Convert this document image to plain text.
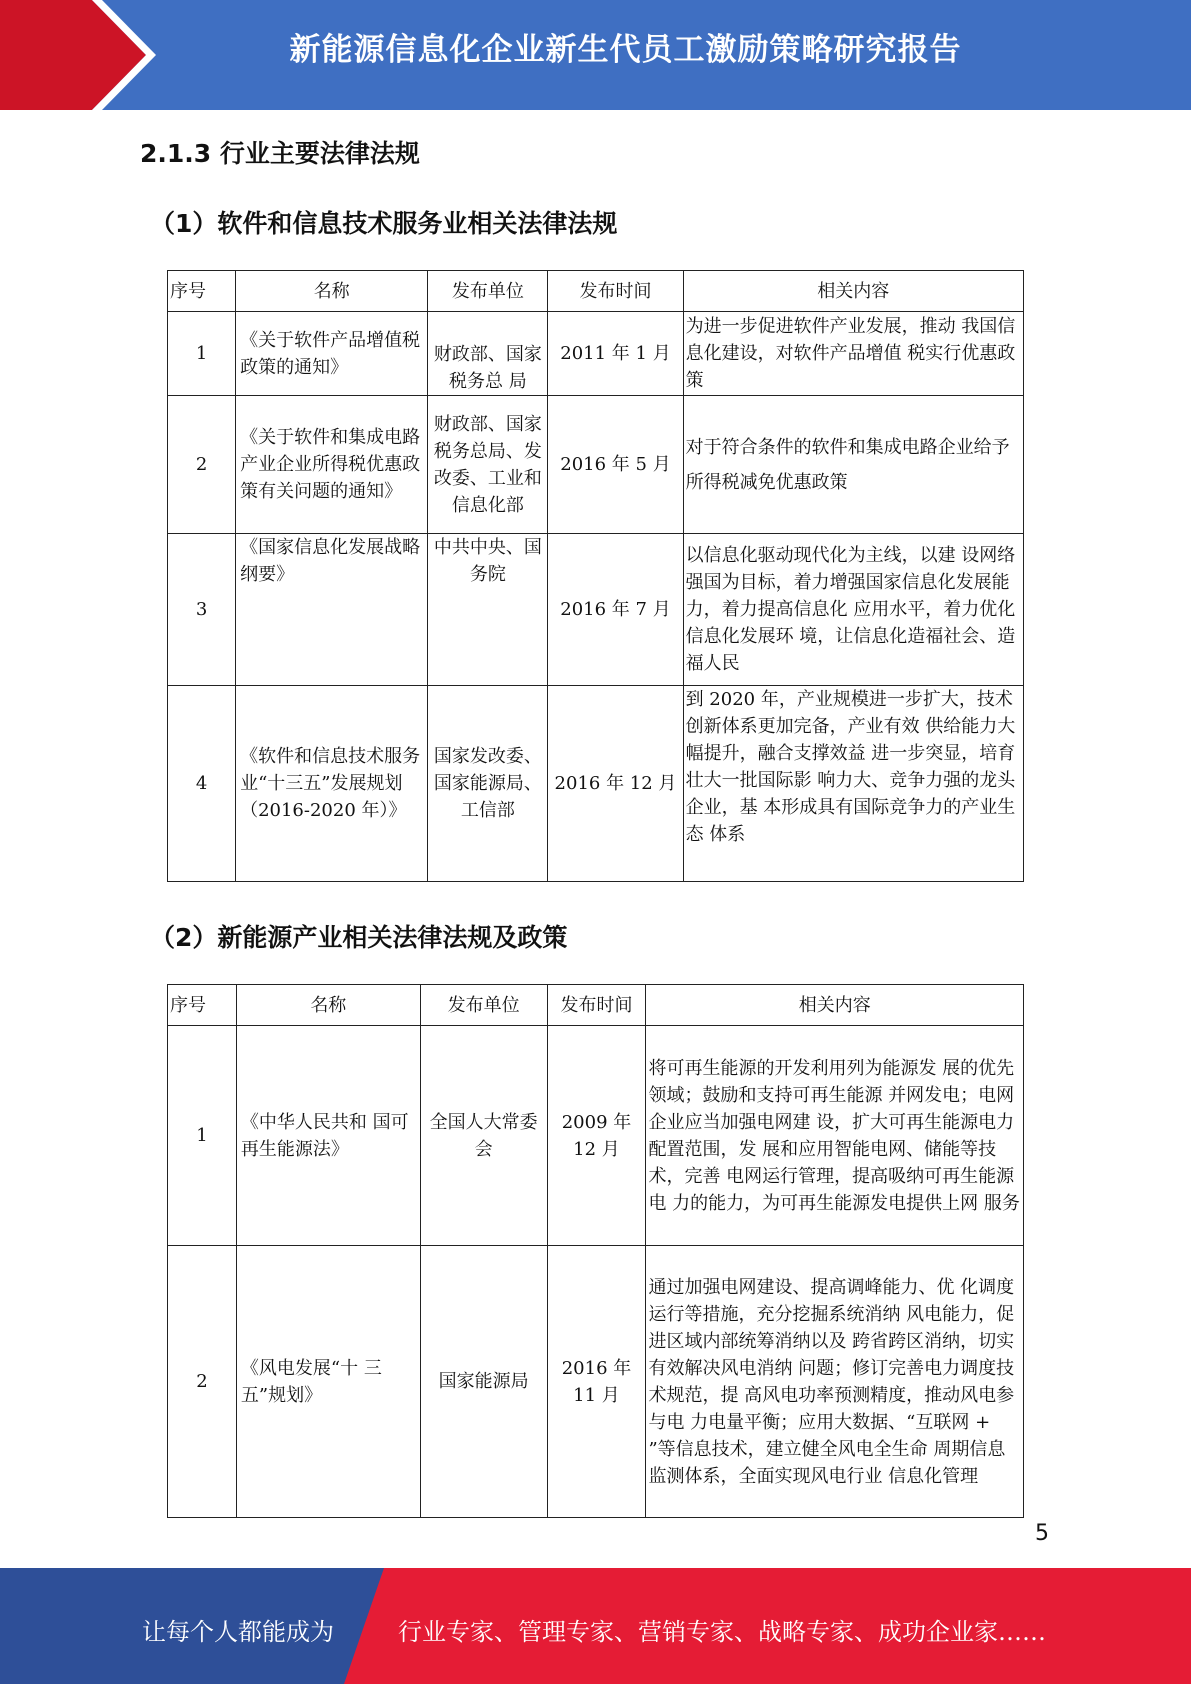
新能源信息化企业新生代员工激励策略研究报告
2.1.3 行业主要法律法规
（1）软件和信息技术服务业相关法律法规
序号	名称	发布单位	发布时间	相关内容
1	《关于软件产品增值税政策的通知》	财政部、国家税务总 局	2011 年 1 月	为进一步促进软件产业发展，推动 我国信息化建设，对软件产品增值 税实行优惠政策
2	《关于软件和集成电路产业企业所得税优惠政策有关问题的通知》	财政部、国家税务总局、发改委、工业和信息化部	2016 年 5 月	对于符合条件的软件和集成电路企业给予所得税减免优惠政策
3	《国家信息化发展战略纲要》	中共中央、国务院	2016 年 7 月	以信息化驱动现代化为主线，以建 设网络强国为目标，着力增强国家信息化发展能力，着力提高信息化 应用水平，着力优化信息化发展环 境，让信息化造福社会、造福人民
4	《软件和信息技术服务业“十三五”发展规划（2016-2020 年）》	国家发改委、国家能源局、工信部	2016 年 12 月	到 2020 年，产业规模进一步扩大，技术创新体系更加完备，产业有效 供给能力大幅提升，融合支撑效益 进一步突显，培育壮大一批国际影 响力大、竞争力强的龙头企业，基 本形成具有国际竞争力的产业生态 体系
（2）新能源产业相关法律法规及政策
序号	名称	发布单位	发布时间	相关内容
1	《中华人民共和 国可再生能源法》	全国人大常委会	2009 年 12 月	将可再生能源的开发利用列为能源发 展的优先领域；鼓励和支持可再生能源 并网发电；电网企业应当加强电网建 设，扩大可再生能源电力配置范围，发 展和应用智能电网、储能等技术，完善 电网运行管理，提高吸纳可再生能源电 力的能力，为可再生能源发电提供上网 服务
2	《风电发展“十 三五”规划》	国家能源局	2016 年 11 月	通过加强电网建设、提高调峰能力、优 化调度运行等措施，充分挖掘系统消纳 风电能力，促进区域内部统筹消纳以及 跨省跨区消纳，切实有效解决风电消纳 问题；修订完善电力调度技术规范，提 高风电功率预测精度，推动风电参与电 力电量平衡；应用大数据、“互联网 + ”等信息技术，建立健全风电全生命 周期信息监测体系，全面实现风电行业 信息化管理
5
让每个人都能成为	行业专家、管理专家、营销专家、战略专家、成功企业家……
